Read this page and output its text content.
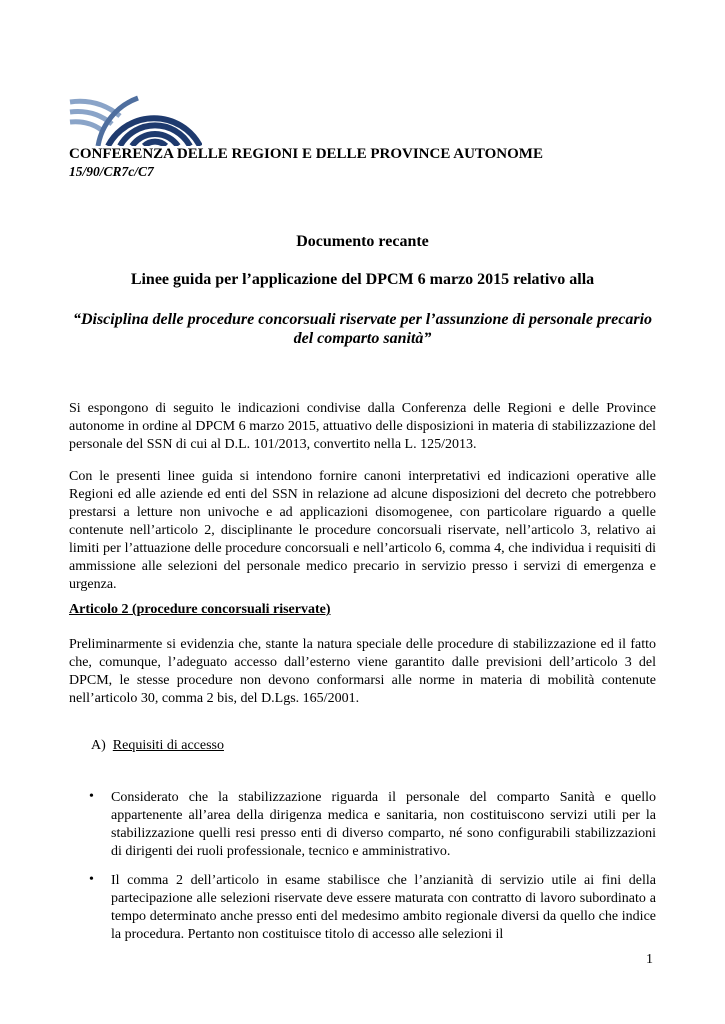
CONFERENZA DELLE REGIONI E DELLE PROVINCE AUTONOME
15/90/CR7c/C7
Documento recante
Linee guida per l’applicazione del DPCM 6 marzo 2015 relativo alla
“Disciplina delle procedure concorsuali riservate per l’assunzione di personale precario del comparto sanità”

Si espongono di seguito le indicazioni condivise dalla Conferenza delle Regioni e delle Province autonome in ordine al DPCM 6 marzo 2015, attuativo delle disposizioni in materia di stabilizzazione del personale del SSN di cui al D.L. 101/2013, convertito nella L. 125/2013.

Con le presenti linee guida si intendono fornire canoni interpretativi ed indicazioni operative alle Regioni ed alle aziende ed enti del SSN in relazione ad alcune disposizioni del decreto che potrebbero prestarsi a letture non univoche e ad applicazioni disomogenee, con particolare riguardo a quelle contenute nell’articolo 2, disciplinante le procedure concorsuali riservate, nell’articolo 3, relativo ai limiti per l’attuazione delle procedure concorsuali e nell’articolo 6, comma 4, che individua i requisiti di ammissione alle selezioni del personale medico precario in servizio presso i servizi di emergenza e urgenza.

Articolo 2 (procedure concorsuali riservate)

Preliminarmente si evidenzia che, stante la natura speciale delle procedure di stabilizzazione ed il fatto che, comunque, l’adeguato accesso dall’esterno viene garantito dalle previsioni dell’articolo 3 del DPCM, le stesse procedure non devono conformarsi alle norme in materia di mobilità contenute nell’articolo 30, comma 2 bis, del D.Lgs. 165/2001.

A) Requisiti di accesso
• Considerato che la stabilizzazione riguarda il personale del comparto Sanità e quello appartenente all’area della dirigenza medica e sanitaria, non costituiscono servizi utili per la stabilizzazione quelli resi presso enti di diverso comparto, né sono configurabili stabilizzazioni di dirigenti dei ruoli professionale, tecnico e amministrativo.

• Il comma 2 dell’articolo in esame stabilisce che l’anzianità di servizio utile ai fini della partecipazione alle selezioni riservate deve essere maturata con contratto di lavoro subordinato a tempo determinato anche presso enti del medesimo ambito regionale diversi da quello che indice la procedura. Pertanto non costituisce titolo di accesso alle selezioni il

1
